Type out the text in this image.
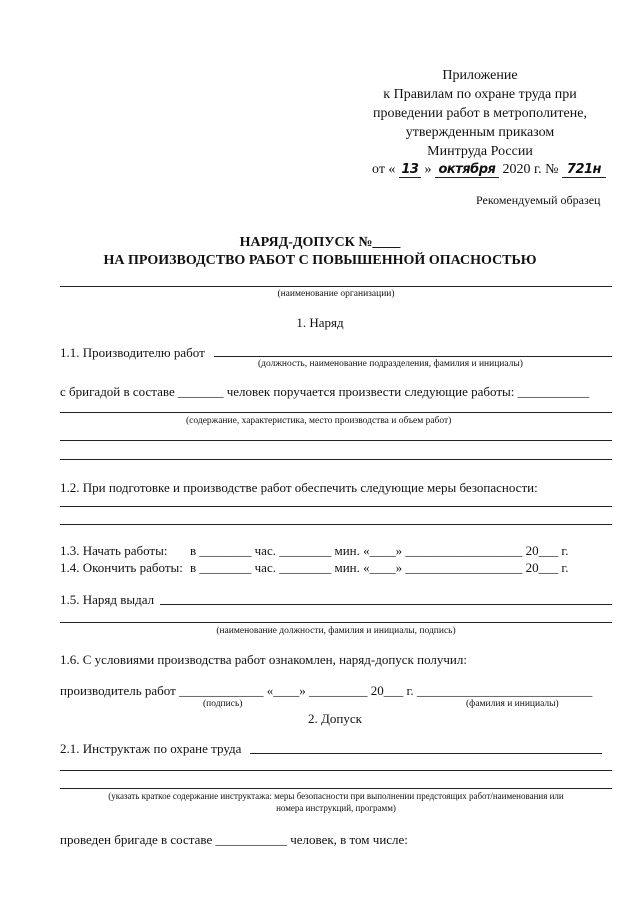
Приложение
к Правилам по охране труда при
проведении работ в метрополитене,
утвержденным приказом
Минтруда России
от « 13 » октября 2020 г. № 721н
Рекомендуемый образец
НАРЯД-ДОПУСК №____
НА ПРОИЗВОДСТВО РАБОТ С ПОВЫШЕННОЙ ОПАСНОСТЬЮ
(наименование организации)
1. Наряд
1.1. Производителю работ
(должность, наименование подразделения, фамилия и инициалы)
с бригадой в составе _______ человек поручается произвести следующие работы: ___________
(содержание, характеристика, место производства и объем работ)
1.2. При подготовке и производстве работ обеспечить следующие меры безопасности:
1.3. Начать работы: в ________ час. ________ мин. «____» __________________ 20___ г.
1.4. Окончить работы: в ________ час. ________ мин. «____» __________________ 20___ г.
1.5. Наряд выдал
(наименование должности, фамилия и инициалы, подпись)
1.6. С условиями производства работ ознакомлен, наряд-допуск получил:
производитель работ _____________ «____» _________ 20___ г. ___________________________
(подпись)	(фамилия и инициалы)
2. Допуск
2.1. Инструктаж по охране труда
(указать краткое содержание инструктажа: меры безопасности при выполнении предстоящих работ/наименования или
номера инструкций, программ)
проведен бригаде в составе ___________ человек, в том числе:
